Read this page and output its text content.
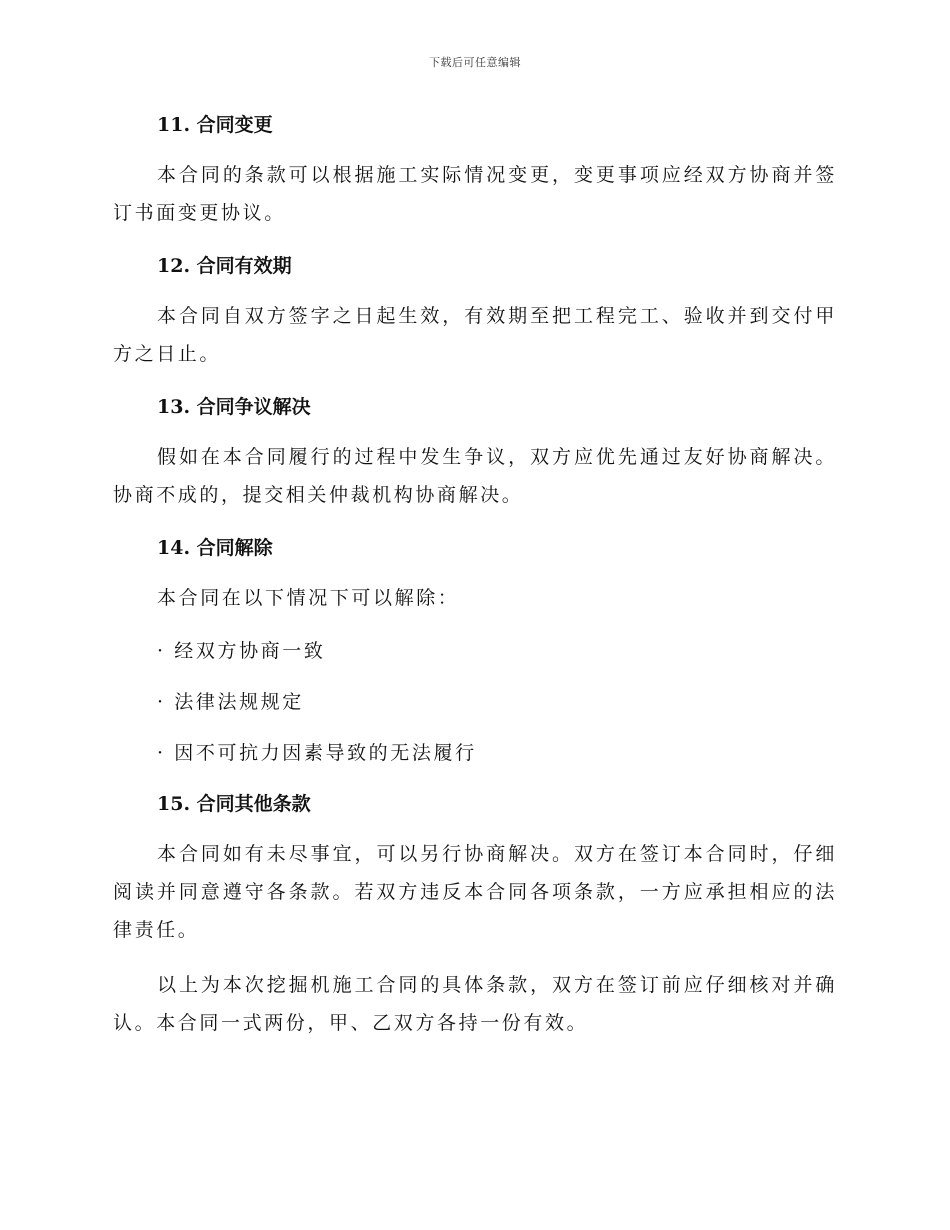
下载后可任意编辑
11. 合同变更

本合同的条款可以根据施工实际情况变更，变更事项应经双方协商并签订书面变更协议。

12. 合同有效期

本合同自双方签字之日起生效，有效期至把工程完工、验收并到交付甲方之日止。

13. 合同争议解决

假如在本合同履行的过程中发生争议，双方应优先通过友好协商解决。协商不成的，提交相关仲裁机构协商解决。

14. 合同解除

本合同在以下情况下可以解除：

· 经双方协商一致
· 法律法规规定
· 因不可抗力因素导致的无法履行
15. 合同其他条款

本合同如有未尽事宜，可以另行协商解决。双方在签订本合同时，仔细阅读并同意遵守各条款。若双方违反本合同各项条款，一方应承担相应的法律责任。

以上为本次挖掘机施工合同的具体条款，双方在签订前应仔细核对并确认。本合同一式两份，甲、乙双方各持一份有效。
